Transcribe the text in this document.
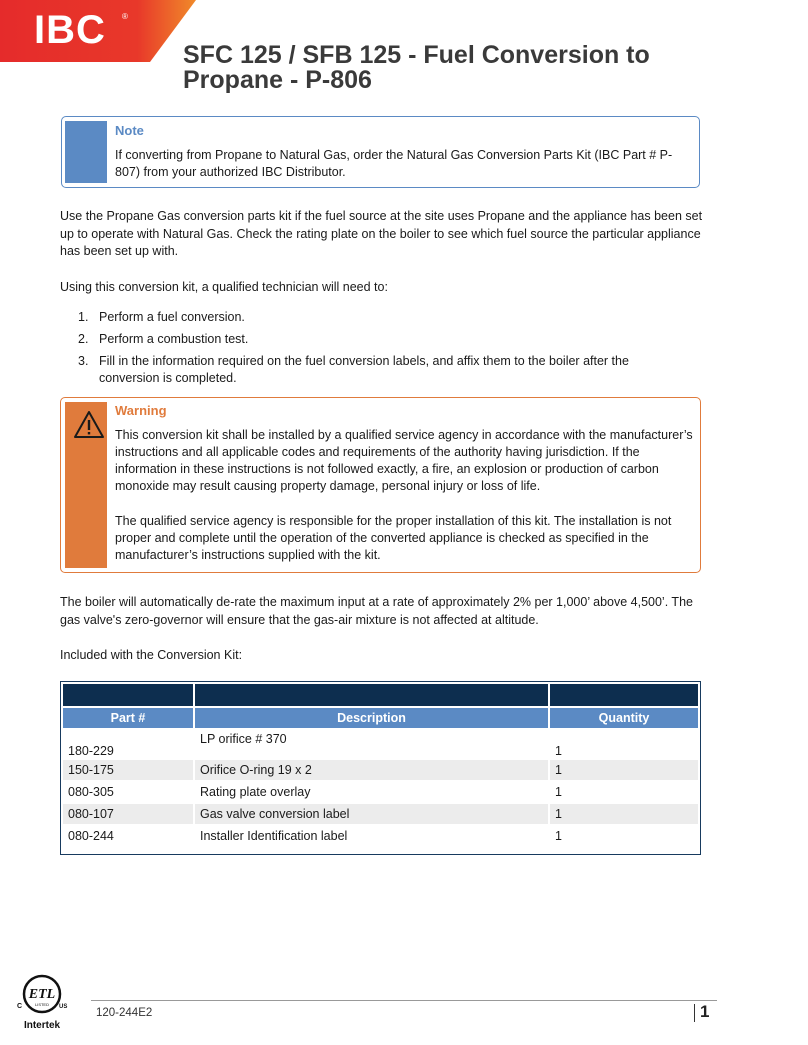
IBC ®
SFC 125 / SFB 125 - Fuel Conversion to
Propane - P-806
Note
If converting from Propane to Natural Gas, order the Natural Gas Conversion Parts Kit (IBC Part # P-807) from your authorized IBC Distributor.

Use the Propane Gas conversion parts kit if the fuel source at the site uses Propane and the appliance has been set up to operate with Natural Gas. Check the rating plate on the boiler to see which fuel source the particular appliance has been set up with.

Using this conversion kit, a qualified technician will need to:

1. Perform a fuel conversion.
2. Perform a combustion test.
3. Fill in the information required on the fuel conversion labels, and affix them to the boiler after the conversion is completed.
Warning
This conversion kit shall be installed by a qualified service agency in accordance with the manufacturer’s instructions and all applicable codes and requirements of the authority having jurisdiction. If the information in these instructions is not followed exactly, a fire, an explosion or production of carbon monoxide may result causing property damage, personal injury or loss of life.
The qualified service agency is responsible for the proper installation of this kit. The installation is not proper and complete until the operation of the converted appliance is checked as specified in the manufacturer’s instructions supplied with the kit.

The boiler will automatically de-rate the maximum input at a rate of approximately 2% per 1,000’ above 4,500’. The gas valve's zero-governor will ensure that the gas-air mixture is not affected at altitude.

Included with the Conversion Kit:

Part #	Description	Quantity
180-229	LP orifice # 370	1
150-175	Orifice O-ring 19 x 2	1
080-305	Rating plate overlay	1
080-107	Gas valve conversion label	1
080-244	Installer Identification label	1
ETL
LISTED
C	US
Intertek
120-244E2	1
